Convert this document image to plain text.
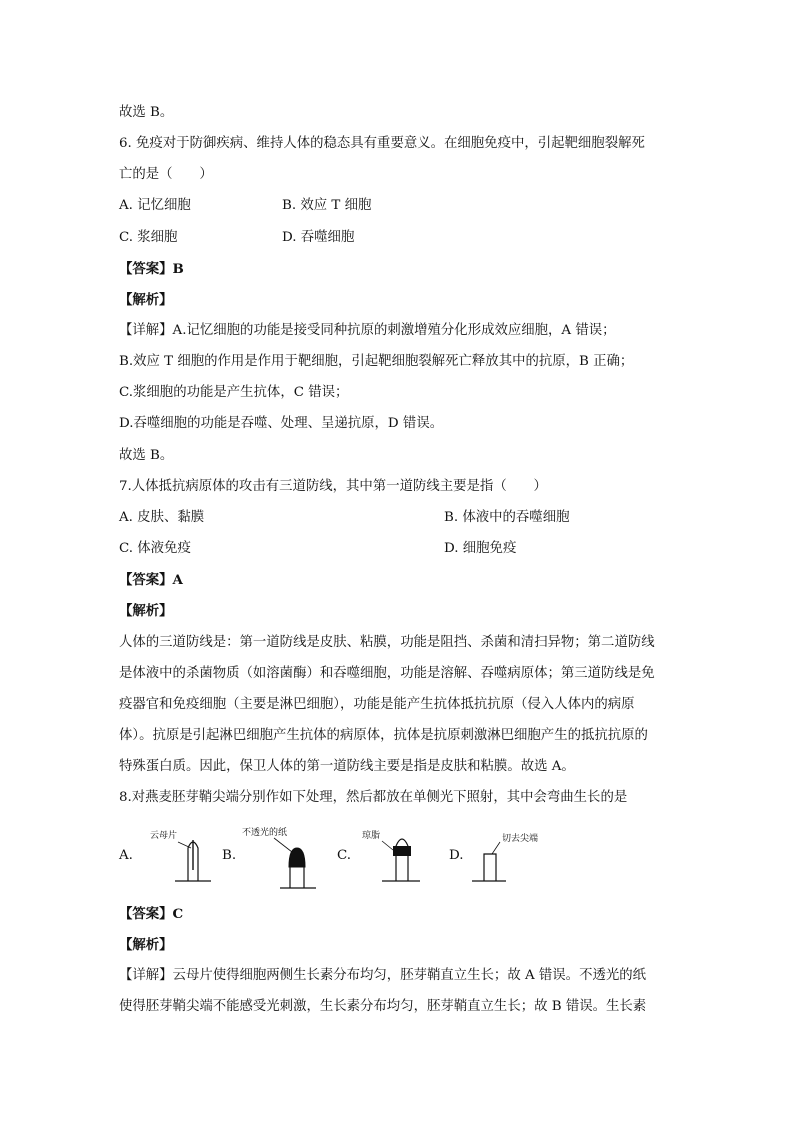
故选 B。
6. 免疫对于防御疾病、维持人体的稳态具有重要意义。在细胞免疫中，引起靶细胞裂解死
亡的是（　　）
A. 记忆细胞	B. 效应 T 细胞
C. 浆细胞	D. 吞噬细胞
【答案】B
【解析】
【详解】A.记忆细胞的功能是接受同种抗原的刺激增殖分化形成效应细胞，A 错误；
B.效应 T 细胞的作用是作用于靶细胞，引起靶细胞裂解死亡释放其中的抗原，B 正确；
C.浆细胞的功能是产生抗体，C 错误；
D.吞噬细胞的功能是吞噬、处理、呈递抗原，D 错误。
故选 B。
7.人体抵抗病原体的攻击有三道防线，其中第一道防线主要是指（　　）
A. 皮肤、黏膜	B. 体液中的吞噬细胞
C. 体液免疫	D. 细胞免疫
【答案】A
【解析】
人体的三道防线是：第一道防线是皮肤、粘膜，功能是阻挡、杀菌和清扫异物；第二道防线
是体液中的杀菌物质（如溶菌酶）和吞噬细胞，功能是溶解、吞噬病原体；第三道防线是免
疫器官和免疫细胞（主要是淋巴细胞），功能是能产生抗体抵抗抗原（侵入人体内的病原
体）。抗原是引起淋巴细胞产生抗体的病原体，抗体是抗原刺激淋巴细胞产生的抵抗抗原的
特殊蛋白质。因此，保卫人体的第一道防线主要是指是皮肤和粘膜。故选 A。
8.对燕麦胚芽鞘尖端分别作如下处理，然后都放在单侧光下照射，其中会弯曲生长的是
A.	B.	C.	D.
云母片	不透光的纸	琼脂	切去尖端
【答案】C
【解析】
【详解】云母片使得细胞两侧生长素分布均匀，胚芽鞘直立生长；故 A 错误。不透光的纸
使得胚芽鞘尖端不能感受光刺激，生长素分布均匀，胚芽鞘直立生长；故 B 错误。生长素
